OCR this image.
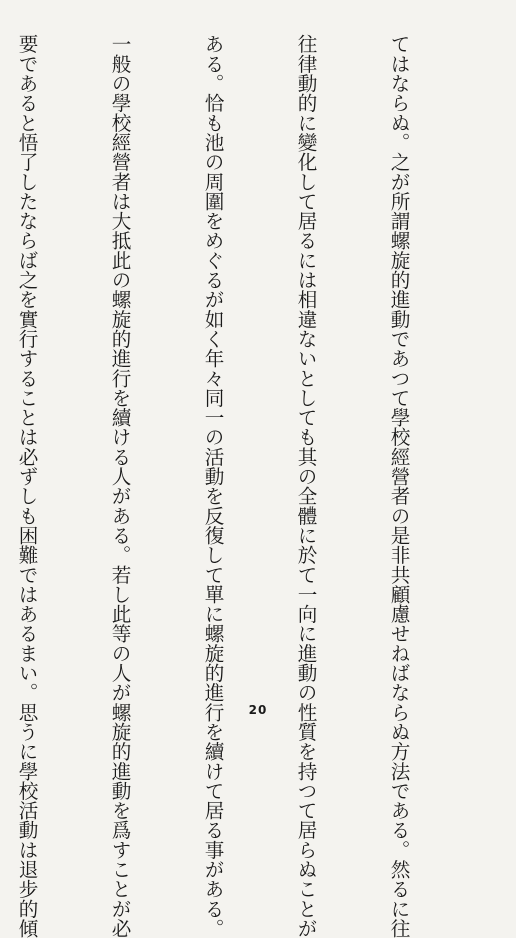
てはならぬ。之が所謂螺旋的進動であつて學校經營者の是非共顧慮せねばならぬ方法である。然るに往

往律動的に變化して居るには相違ないとしても其の全體に於て一向に進動の性質を持つて居らぬことが

ある。恰も池の周圍をめぐるが如く年々同一の活動を反復して單に螺旋的進行を續けて居る事がある。

一般の學校經營者は大抵此の螺旋的進行を續ける人がある。若し此等の人が螺旋的進動を爲すことが必

要であると悟了したならば之を實行することは必ずしも困難ではあるまい。思うに學校活動は退步的傾

	20
